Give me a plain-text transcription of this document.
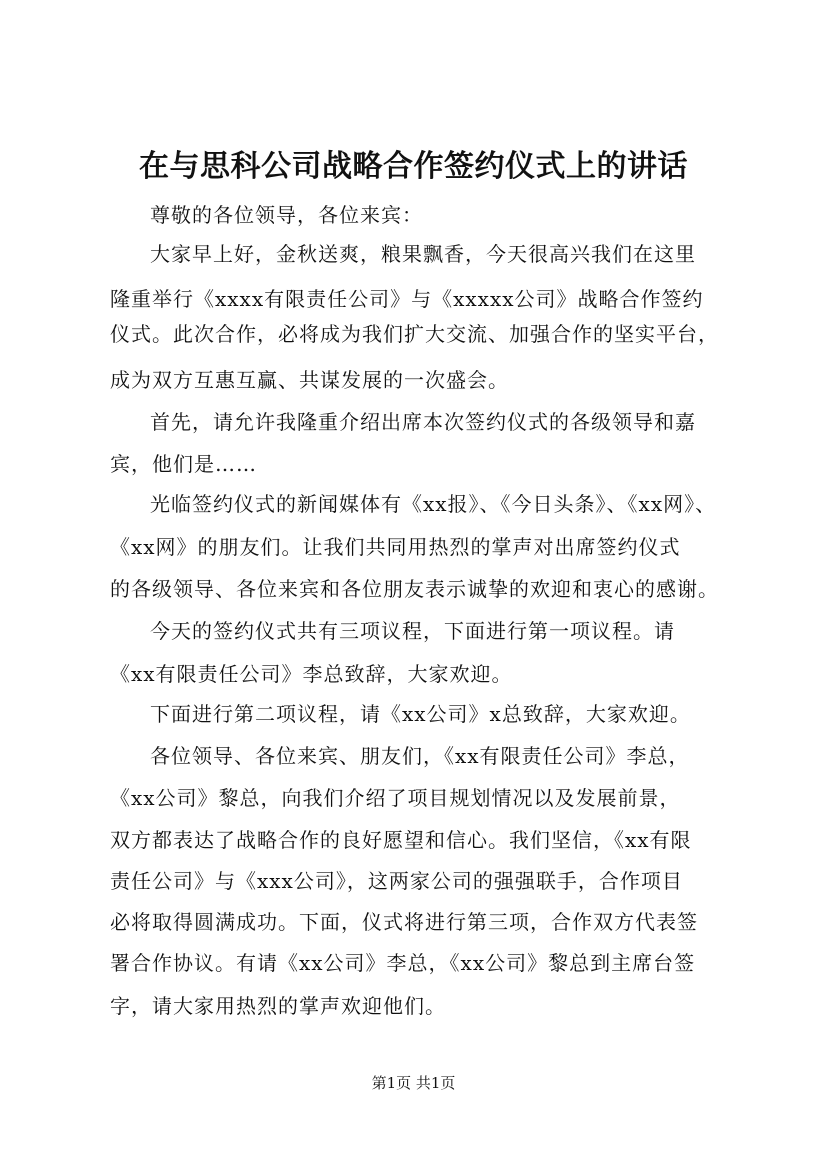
在与思科公司战略合作签约仪式上的讲话
尊敬的各位领导，各位来宾：
大家早上好，金秋送爽，粮果飘香，今天很高兴我们在这里
隆重举行《xxxx有限责任公司》与《xxxxx公司》战略合作签约
仪式。此次合作，必将成为我们扩大交流、加强合作的坚实平台，
成为双方互惠互赢、共谋发展的一次盛会。
首先，请允许我隆重介绍出席本次签约仪式的各级领导和嘉
宾，他们是……
光临签约仪式的新闻媒体有《xx报》、《今日头条》、《xx网》、
《xx网》的朋友们。让我们共同用热烈的掌声对出席签约仪式
的各级领导、各位来宾和各位朋友表示诚挚的欢迎和衷心的感谢。
今天的签约仪式共有三项议程，下面进行第一项议程。请
《xx有限责任公司》李总致辞，大家欢迎。
下面进行第二项议程，请《xx公司》x总致辞，大家欢迎。
各位领导、各位来宾、朋友们，《xx有限责任公司》李总，
《xx公司》黎总，向我们介绍了项目规划情况以及发展前景，
双方都表达了战略合作的良好愿望和信心。我们坚信，《xx有限
责任公司》与《xxx公司》，这两家公司的强强联手，合作项目
必将取得圆满成功。下面，仪式将进行第三项，合作双方代表签
署合作协议。有请《xx公司》李总，《xx公司》黎总到主席台签
字，请大家用热烈的掌声欢迎他们。
第1页 共1页
